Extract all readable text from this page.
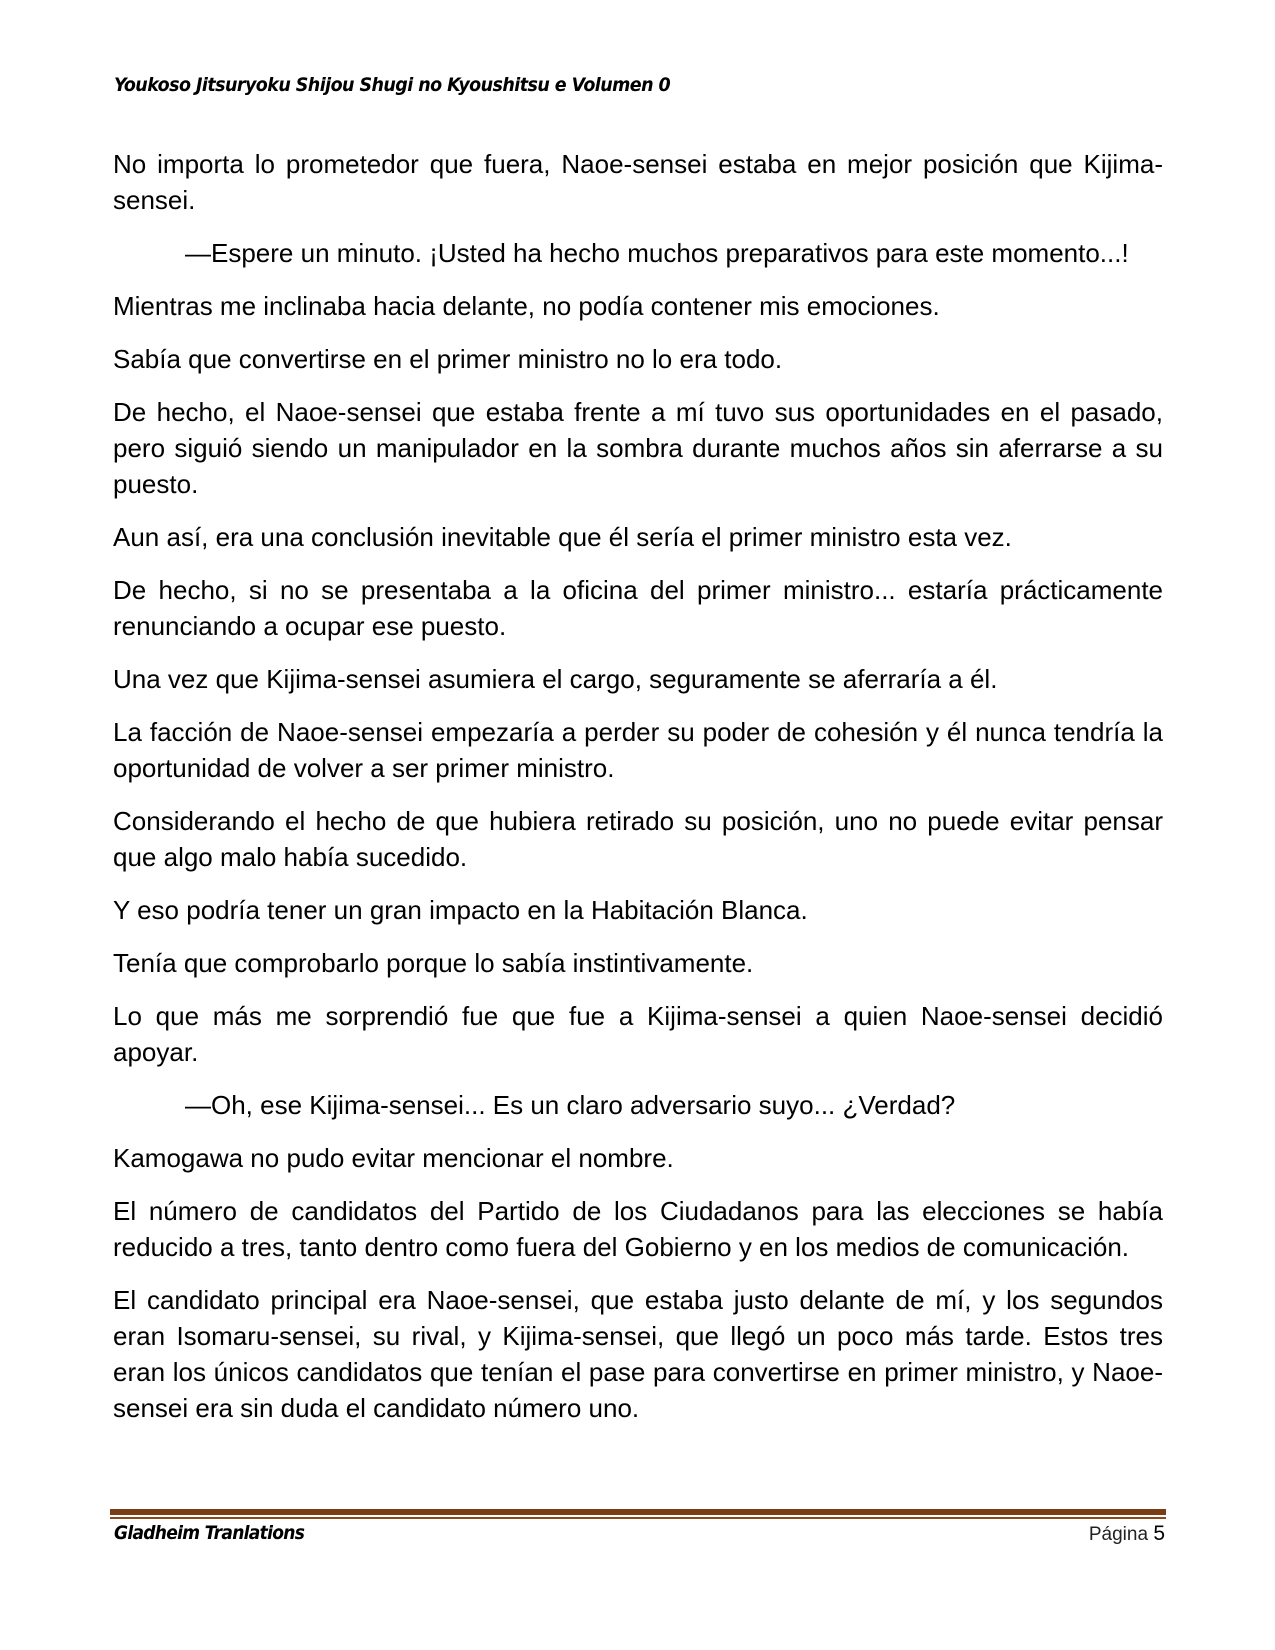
Youkoso Jitsuryoku Shijou Shugi no Kyoushitsu e Volumen 0

No importa lo prometedor que fuera, Naoe-sensei estaba en mejor posición que Kijima-sensei.

—Espere un minuto. ¡Usted ha hecho muchos preparativos para este momento...!

Mientras me inclinaba hacia delante, no podía contener mis emociones.

Sabía que convertirse en el primer ministro no lo era todo.

De hecho, el Naoe-sensei que estaba frente a mí tuvo sus oportunidades en el pasado, pero siguió siendo un manipulador en la sombra durante muchos años sin aferrarse a su puesto.

Aun así, era una conclusión inevitable que él sería el primer ministro esta vez.

De hecho, si no se presentaba a la oficina del primer ministro... estaría prácticamente renunciando a ocupar ese puesto.

Una vez que Kijima-sensei asumiera el cargo, seguramente se aferraría a él.

La facción de Naoe-sensei empezaría a perder su poder de cohesión y él nunca tendría la oportunidad de volver a ser primer ministro.

Considerando el hecho de que hubiera retirado su posición, uno no puede evitar pensar que algo malo había sucedido.

Y eso podría tener un gran impacto en la Habitación Blanca.

Tenía que comprobarlo porque lo sabía instintivamente.

Lo que más me sorprendió fue que fue a Kijima-sensei a quien Naoe-sensei decidió apoyar.

—Oh, ese Kijima-sensei... Es un claro adversario suyo... ¿Verdad?

Kamogawa no pudo evitar mencionar el nombre.

El número de candidatos del Partido de los Ciudadanos para las elecciones se había reducido a tres, tanto dentro como fuera del Gobierno y en los medios de comunicación.

El candidato principal era Naoe-sensei, que estaba justo delante de mí, y los segundos eran Isomaru-sensei, su rival, y Kijima-sensei, que llegó un poco más tarde. Estos tres eran los únicos candidatos que tenían el pase para convertirse en primer ministro, y Naoe-sensei era sin duda el candidato número uno.

Gladheim Tranlations	Página 5
